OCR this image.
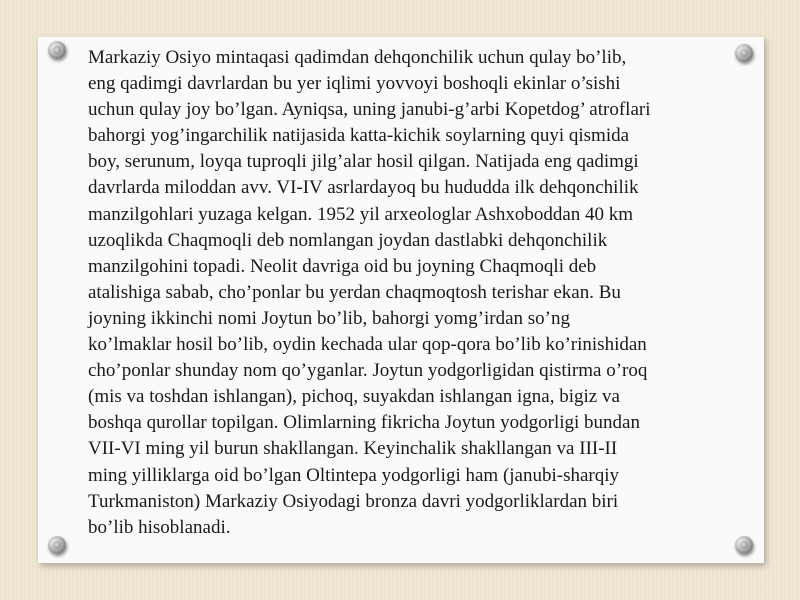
Markaziy Osiyo mintaqasi qadimdan dehqonchilik uchun qulay bo’lib,
eng qadimgi davrlardan bu yer iqlimi yovvoyi boshoqli ekinlar o’sishi
uchun qulay joy bo’lgan. Ayniqsa, uning janubi-g’arbi Kopetdog’ atroflari
bahorgi yog’ingarchilik natijasida katta-kichik soylarning quyi qismida
boy, serunum, loyqa tuproqli jilg’alar hosil qilgan. Natijada eng qadimgi
davrlarda miloddan avv. VI-IV asrlardayoq bu hududda ilk dehqonchilik
manzilgohlari yuzaga kelgan. 1952 yil arxeologlar Ashxoboddan 40 km
uzoqlikda Chaqmoqli deb nomlangan joydan dastlabki dehqonchilik
manzilgohini topadi. Neolit davriga oid bu joyning Chaqmoqli deb
atalishiga sabab, cho’ponlar bu yerdan chaqmoqtosh terishar ekan. Bu
joyning ikkinchi nomi Joytun bo’lib, bahorgi yomg’irdan so’ng
ko’lmaklar hosil bo’lib, oydin kechada ular qop-qora bo’lib ko’rinishidan
cho’ponlar shunday nom qo’yganlar. Joytun yodgorligidan qistirma o’roq
(mis va toshdan ishlangan), pichoq, suyakdan ishlangan igna, bigiz va
boshqa qurollar topilgan. Olimlarning fikricha Joytun yodgorligi bundan
VII-VI ming yil burun shakllangan. Keyinchalik shakllangan va III-II
ming yilliklarga oid bo’lgan Oltintepa yodgorligi ham (janubi-sharqiy
Turkmaniston) Markaziy Osiyodagi bronza davri yodgorliklardan biri
bo’lib hisoblanadi.
